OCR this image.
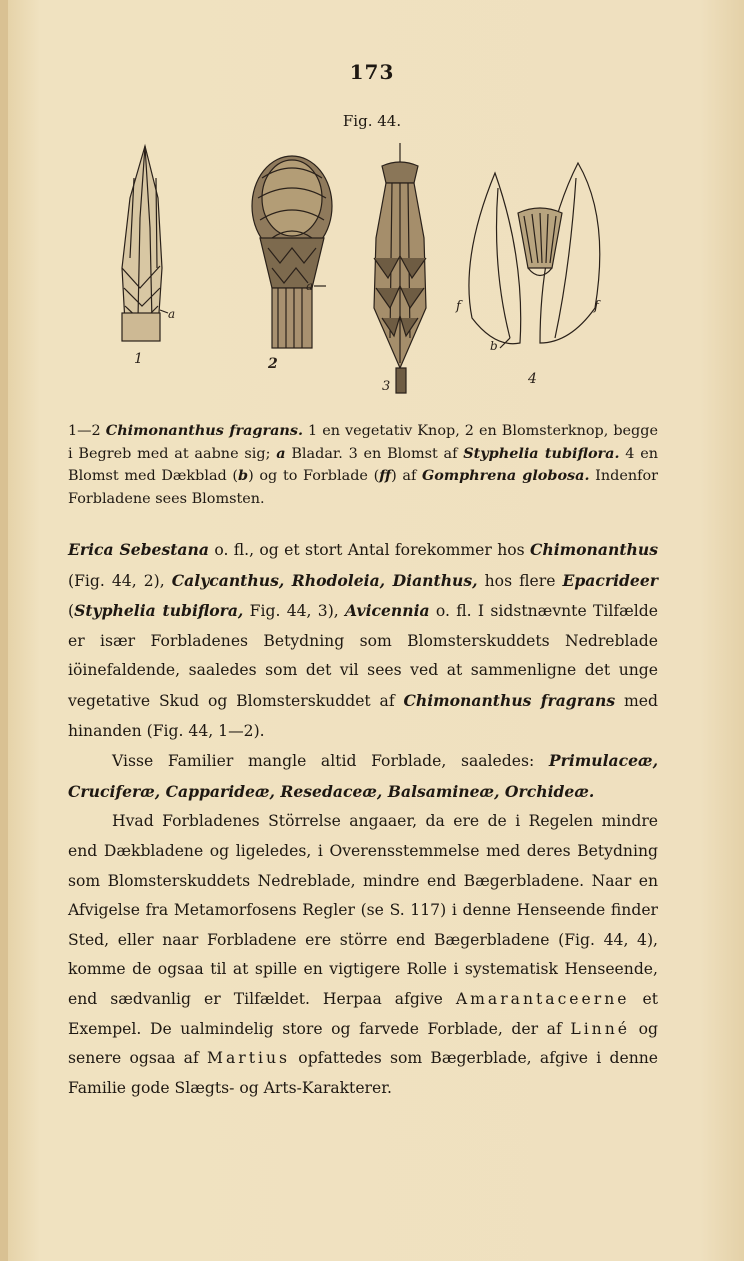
173
Fig. 44.
a
1
a
2
3
f	f
b
4
1—2 Chimonanthus fragrans. 1 en vegetativ Knop, 2 en Blomsterknop, begge i Begreb med at aabne sig; a Bladar. 3 en Blomst af Styphelia tubiflora. 4 en Blomst med Dækblad (b) og to Forblade (ff) af Gomphrena globosa. Indenfor Forbladene sees Blomsten.

Erica Sebestana o. fl., og et stort Antal forekommer hos Chimonanthus (Fig. 44, 2), Calycanthus, Rhodoleia, Dianthus, hos flere Epacrideer (Styphelia tubiflora, Fig. 44, 3), Avicennia o. fl. I sidstnævnte Tilfælde er især Forbladenes Betydning som Blomsterskuddets Nedreblade iöinefaldende, saaledes som det vil sees ved at sammenligne det unge vegetative Skud og Blomsterskuddet af Chimonanthus fragrans med hinanden (Fig. 44, 1—2).

Visse Familier mangle altid Forblade, saaledes: Primulaceæ, Cruciferæ, Capparideæ, Resedaceæ, Balsamineæ, Orchideæ.

Hvad Forbladenes Störrelse angaaer, da ere de i Regelen mindre end Dækbladene og ligeledes, i Overensstemmelse med deres Betydning som Blomsterskuddets Nedreblade, mindre end Bægerbladene. Naar en Afvigelse fra Metamorfosens Regler (se S. 117) i denne Henseende finder Sted, eller naar Forbladene ere större end Bægerbladene (Fig. 44, 4), komme de ogsaa til at spille en vigtigere Rolle i systematisk Henseende, end sædvanlig er Tilfældet. Herpaa afgive Amarantaceerne et Exempel. De ualmindelig store og farvede Forblade, der af Linné og senere ogsaa af Martius opfattedes som Bægerblade, afgive i denne Familie gode Slægts- og Arts-Karakterer.
